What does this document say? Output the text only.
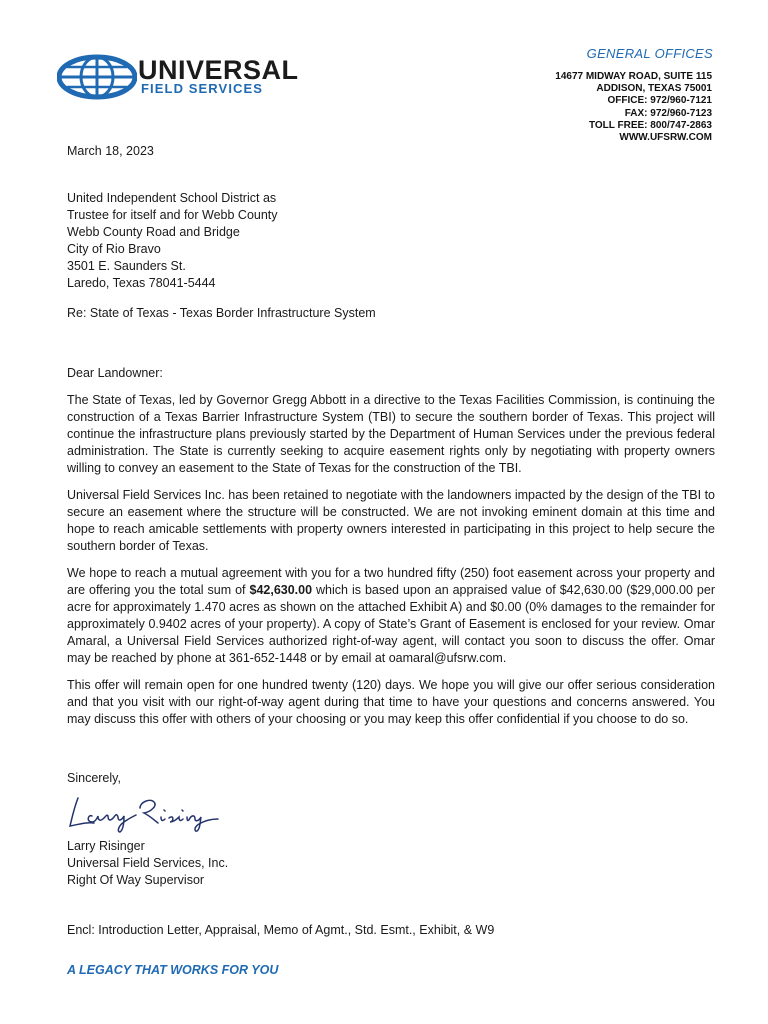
UNIVERSAL
FIELD SERVICES
GENERAL OFFICES
14677 MIDWAY ROAD, SUITE 115
ADDISON, TEXAS 75001
OFFICE: 972/960-7121
FAX: 972/960-7123
TOLL FREE: 800/747-2863
WWW.UFSRW.COM
March 18, 2023
United Independent School District as
Trustee for itself and for Webb County
Webb County Road and Bridge
City of Rio Bravo
3501 E. Saunders St.
Laredo, Texas 78041-5444
Re: State of Texas - Texas Border Infrastructure System
Dear Landowner:

The State of Texas, led by Governor Gregg Abbott in a directive to the Texas Facilities Commission, is continuing the construction of a Texas Barrier Infrastructure System (TBI) to secure the southern border of Texas. This project will continue the infrastructure plans previously started by the Department of Human Services under the previous federal administration. The State is currently seeking to acquire easement rights only by negotiating with property owners willing to convey an easement to the State of Texas for the construction of the TBI.

Universal Field Services Inc. has been retained to negotiate with the landowners impacted by the design of the TBI to secure an easement where the structure will be constructed. We are not invoking eminent domain at this time and hope to reach amicable settlements with property owners interested in participating in this project to help secure the southern border of Texas.

We hope to reach a mutual agreement with you for a two hundred fifty (250) foot easement across your property and are offering you the total sum of $42,630.00 which is based upon an appraised value of $42,630.00 ($29,000.00 per acre for approximately 1.470 acres as shown on the attached Exhibit A) and $0.00 (0% damages to the remainder for approximately 0.9402 acres of your property). A copy of State’s Grant of Easement is enclosed for your review. Omar Amaral, a Universal Field Services authorized right-of-way agent, will contact you soon to discuss the offer. Omar may be reached by phone at 361-652-1448 or by email at oamaral@ufsrw.com.

This offer will remain open for one hundred twenty (120) days. We hope you will give our offer serious consideration and that you visit with our right-of-way agent during that time to have your questions and concerns answered. You may discuss this offer with others of your choosing or you may keep this offer confidential if you choose to do so.

Sincerely,
Larry Risinger
Universal Field Services, Inc.
Right Of Way Supervisor
Encl: Introduction Letter, Appraisal, Memo of Agmt., Std. Esmt., Exhibit, & W9
A LEGACY THAT WORKS FOR YOU
